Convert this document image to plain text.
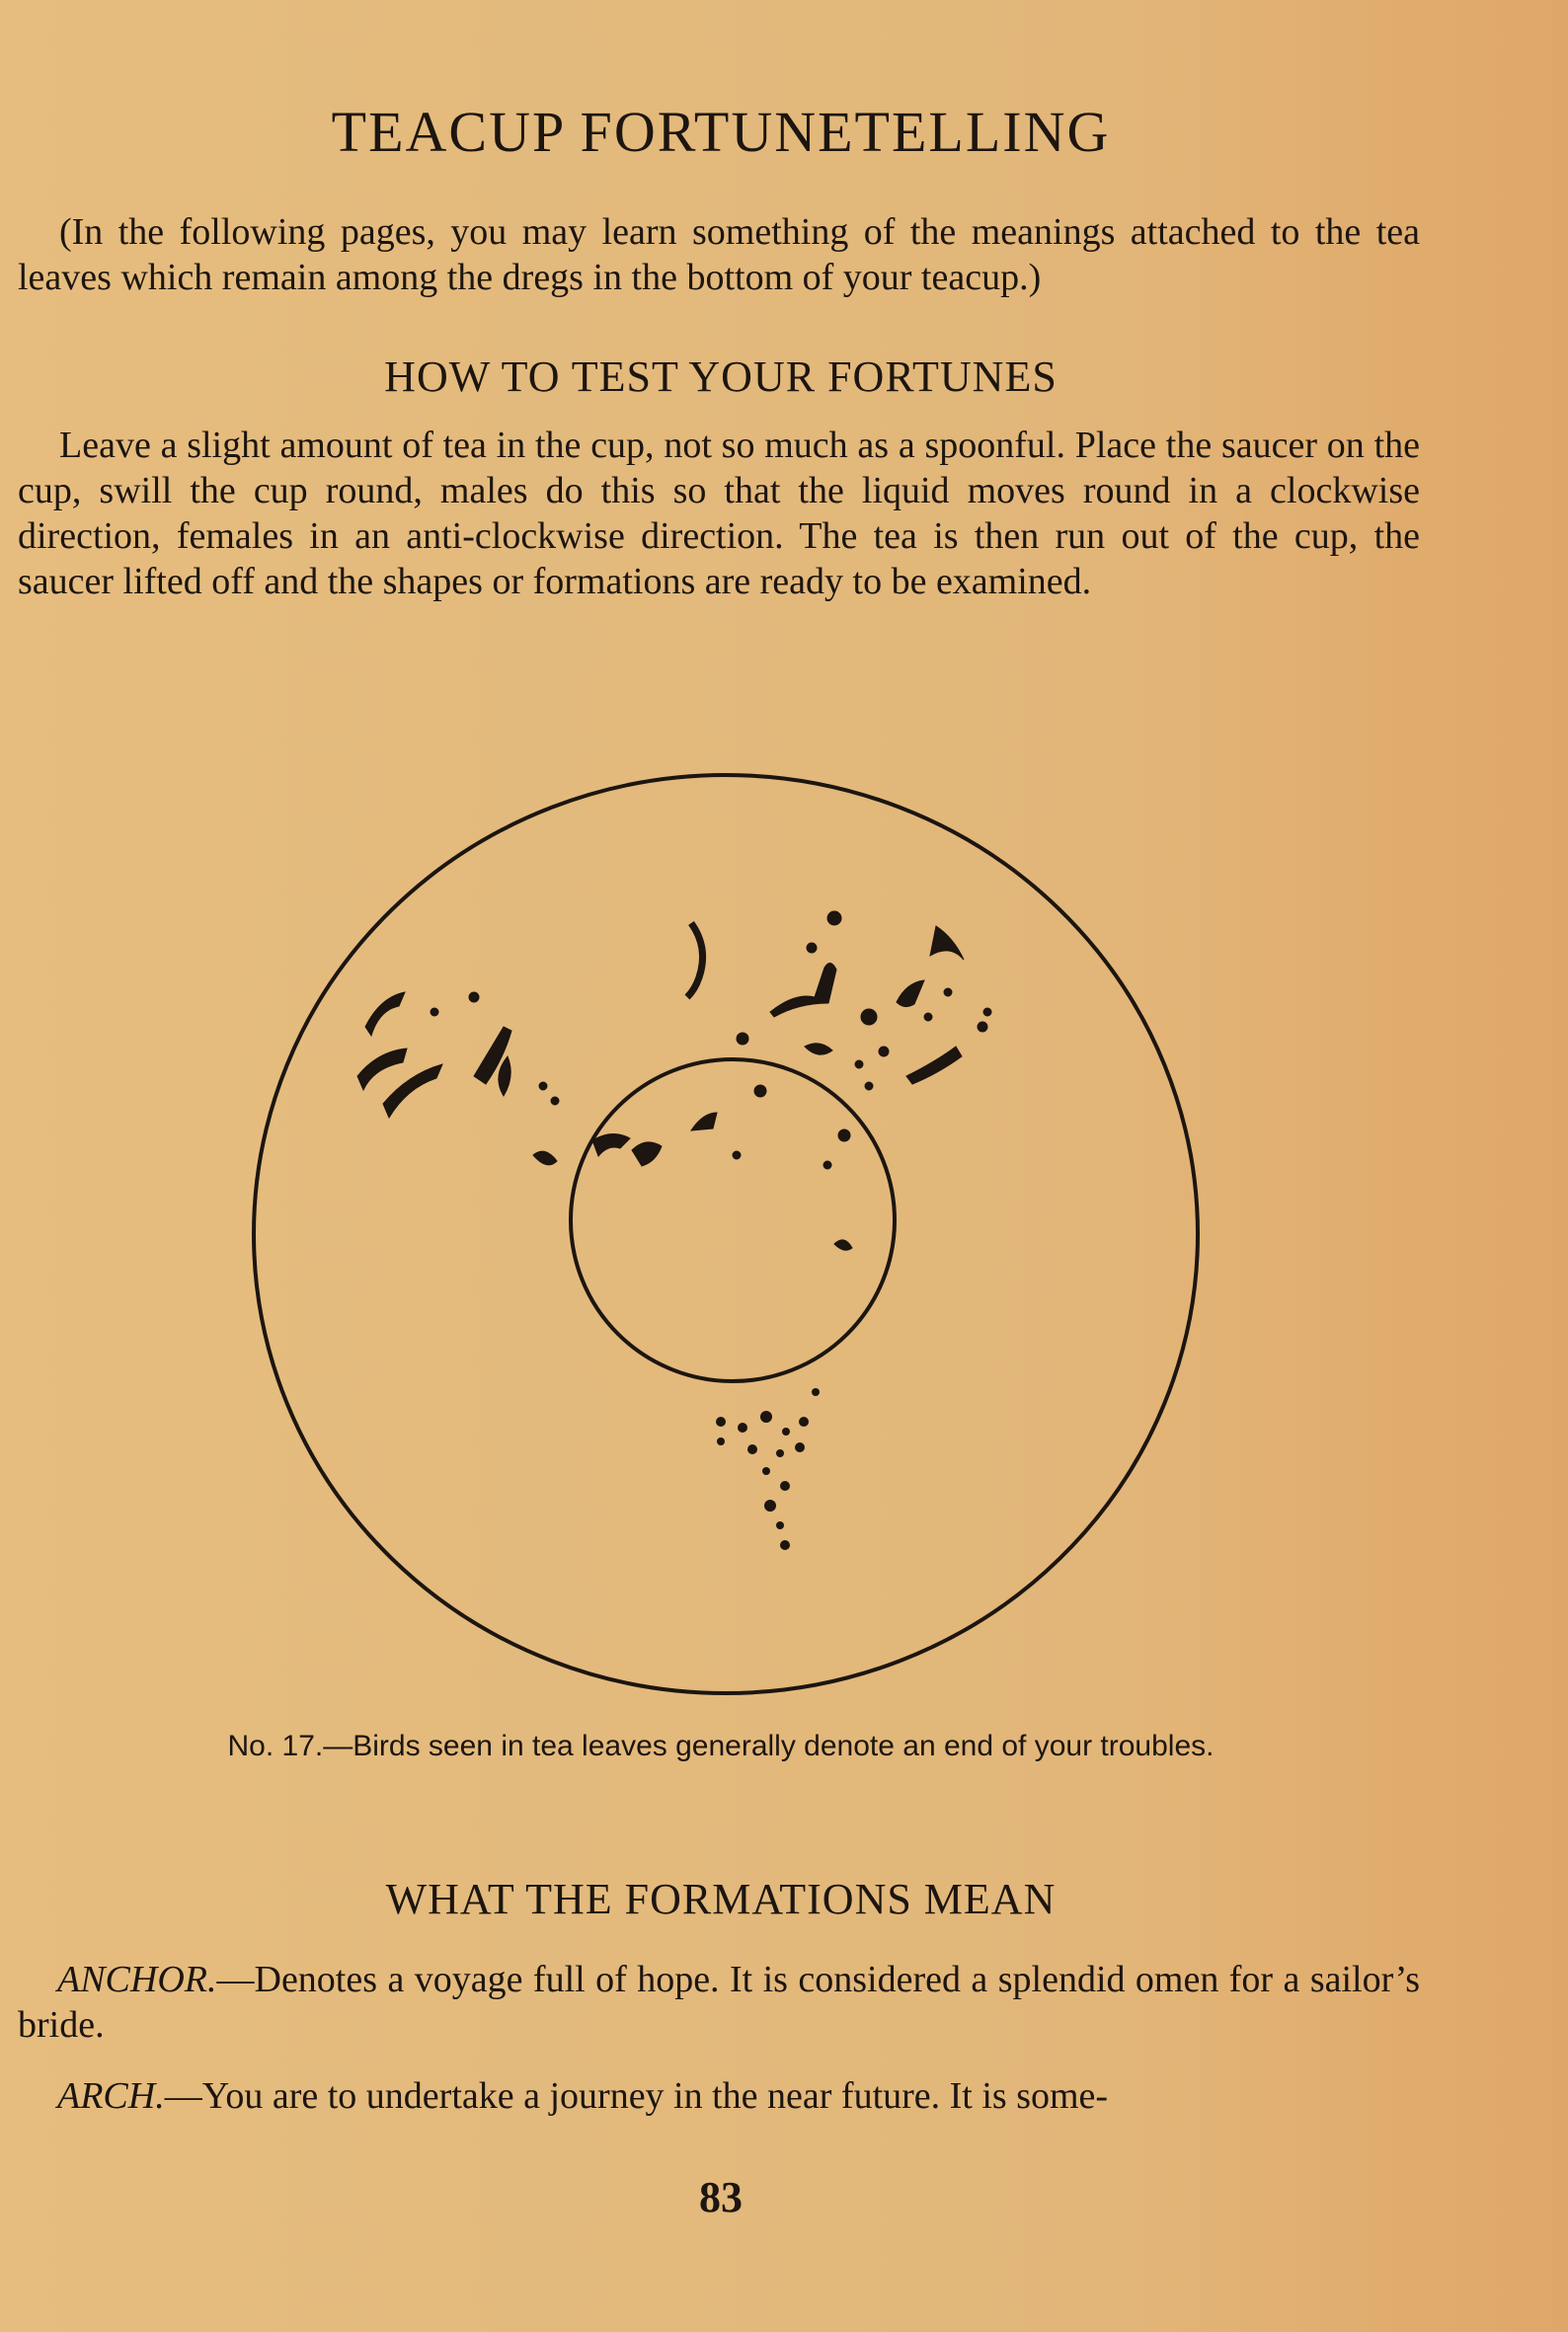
TEACUP FORTUNETELLING
(In the following pages, you may learn something of the meanings attached to the tea leaves which remain among the dregs in the bottom of your teacup.)
HOW TO TEST YOUR FORTUNES
Leave a slight amount of tea in the cup, not so much as a spoonful. Place the saucer on the cup, swill the cup round, males do this so that the liquid moves round in a clockwise direction, females in an anti-clockwise direction. The tea is then run out of the cup, the saucer lifted off and the shapes or formations are ready to be examined.
No. 17.—Birds seen in tea leaves generally denote an end of your troubles.
WHAT THE FORMATIONS MEAN
ANCHOR.—Denotes a voyage full of hope. It is considered a splendid omen for a sailor’s bride.
ARCH.—You are to undertake a journey in the near future. It is some-
83
